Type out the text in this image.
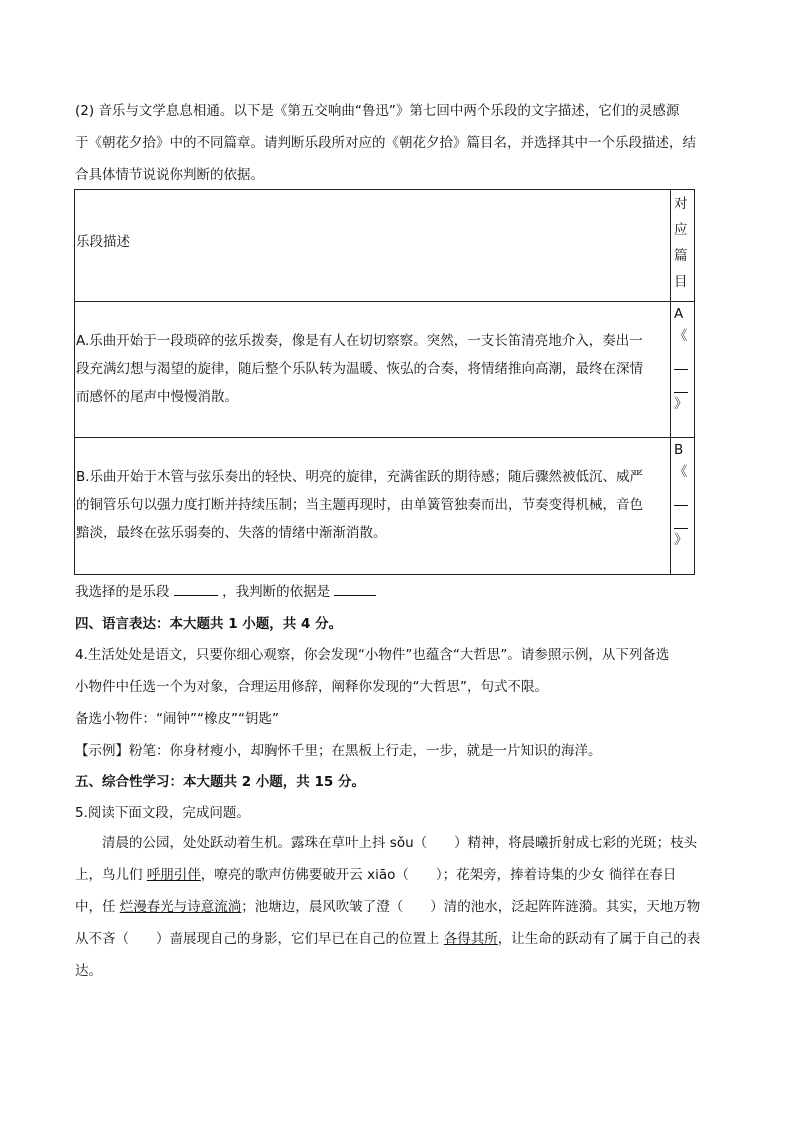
(2) 音乐与文学息息相通。以下是《第五交响曲“鲁迅”》第七回中两个乐段的文字描述，它们的灵感源
于《朝花夕拾》中的不同篇章。请判断乐段所对应的《朝花夕拾》篇目名，并选择其中一个乐段描述，结
合具体情节说说你判断的依据。
乐段描述
对
应
篇
目
A.乐曲开始于一段琐碎的弦乐拨奏，像是有人在切切察察。突然，一支长笛清亮地介入，奏出一
段充满幻想与渴望的旋律，随后整个乐队转为温暖、恢弘的合奏，将情绪推向高潮，最终在深情
而感怀的尾声中慢慢消散。
A
《
》
B.乐曲开始于木管与弦乐奏出的轻快、明亮的旋律，充满雀跃的期待感；随后骤然被低沉、威严
的铜管乐句以强力度打断并持续压制；当主题再现时，由单簧管独奏而出，节奏变得机械，音色
黯淡，最终在弦乐弱奏的、失落的情绪中渐渐消散。
B
《
》
我选择的是乐段	，我判断的依据是
四、语言表达：本大题共 1 小题，共 4 分。
4.生活处处是语文，只要你细心观察，你会发现“小物件”也蕴含“大哲思”。请参照示例，从下列备选
小物件中任选一个为对象，合理运用修辞，阐释你发现的“大哲思”，句式不限。
备选小物件：“闹钟”“橡皮”“钥匙”
【示例】粉笔：你身材瘦小，却胸怀千里；在黑板上行走，一步，就是一片知识的海洋。
五、综合性学习：本大题共 2 小题，共 15 分。
5.阅读下面文段，完成问题。
清晨的公园，处处跃动着生机。露珠在草叶上抖 sǒu（　　）精神，将晨曦折射成七彩的光斑；枝头
上，鸟儿们 呼朋引伴，嘹亮的歌声仿佛要破开云 xiāo（　　）；花架旁，捧着诗集的少女 徜徉在春日
中，任 烂漫春光与诗意流淌；池塘边，晨风吹皱了澄（　　）清的池水，泛起阵阵涟漪。其实，天地万物
从不吝（　　）啬展现自己的身影，它们早已在自己的位置上 各得其所，让生命的跃动有了属于自己的表
达。
